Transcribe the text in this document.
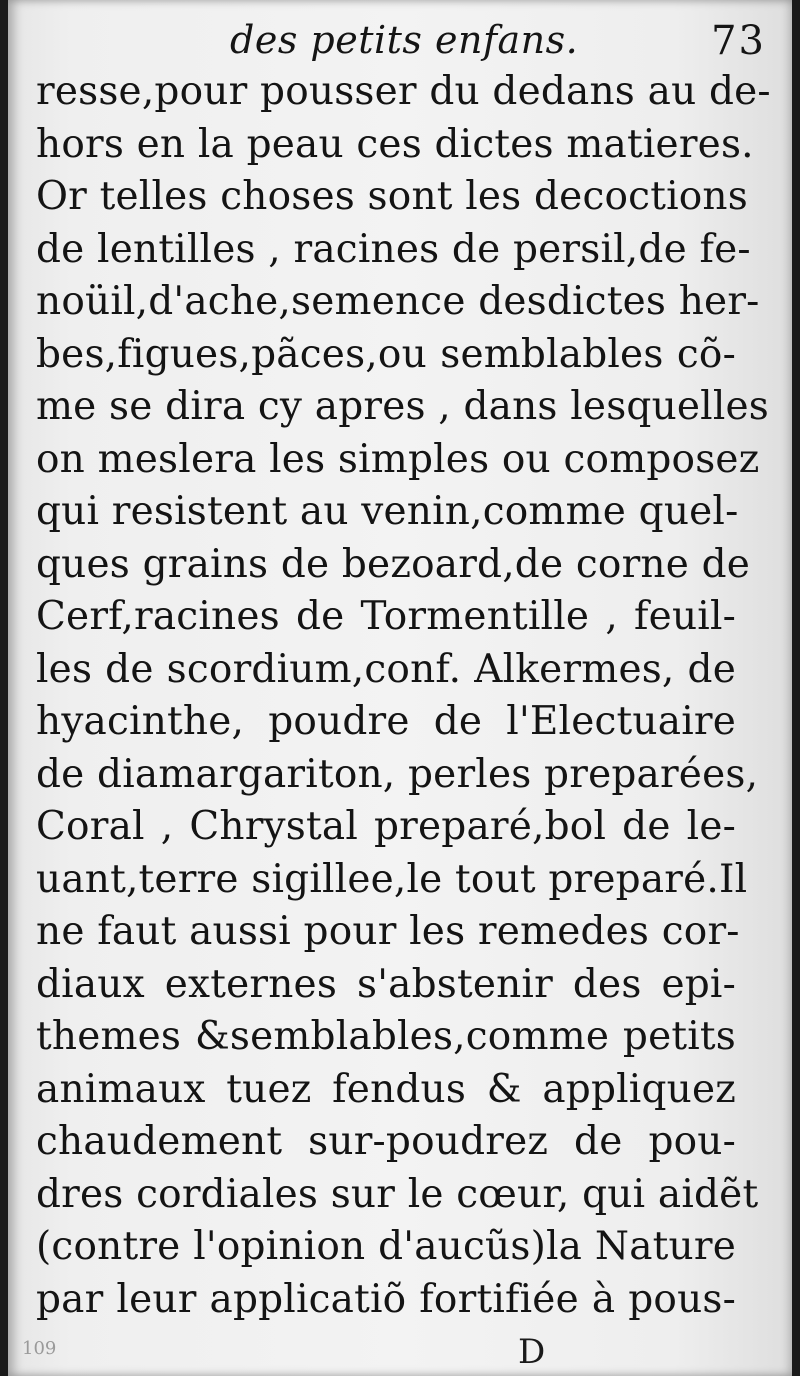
des petits enfans.	73
resse,pour pousser du dedans au de-
hors en la peau ces dictes matieres.
Or telles choses sont les decoctions
de lentilles , racines de persil,de fe-
noüil,d'ache,semence desdictes her-
bes,figues,pãces,ou semblables cõ-
me se dira cy apres , dans lesquelles
on meslera les simples ou composez
qui resistent au venin,comme quel-
ques grains de bezoard,de corne de
Cerf,racines de Tormentille , feuil-
les de scordium,conf. Alkermes, de
hyacinthe, poudre de l'Electuaire
de diamargariton, perles preparées,
Coral , Chrystal preparé,bol de le-
uant,terre sigillee,le tout preparé.Il
ne faut aussi pour les remedes cor-
diaux externes s'abstenir des epi-
themes &semblables,comme petits
animaux tuez fendus & appliquez
chaudement sur-poudrez de pou-
dres cordiales sur le cœur, qui aidẽt
(contre l'opinion d'aucũs)la Nature
par leur applicatiõ fortifiée à pous-
D
109
